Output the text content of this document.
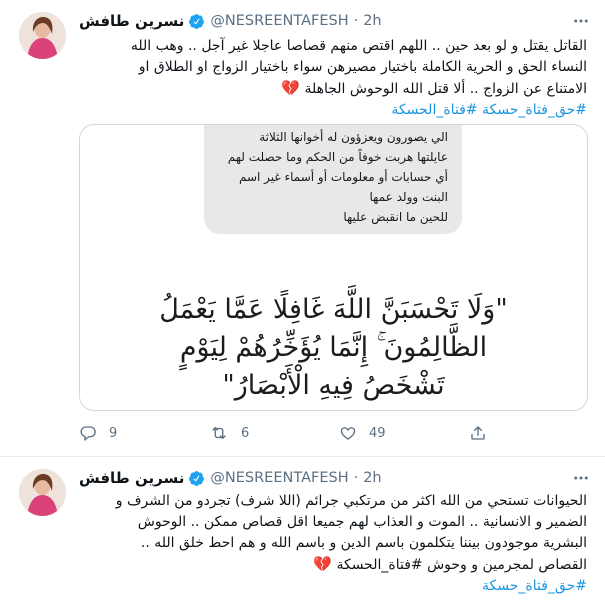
نسرين طافش @NESREENTAFESH · 2h
القاتل يقتل و لو بعد حين .. اللهم اقتص منهم قصاصا عاجلا غير آجل .. وهب الله
النساء الحق و الحرية الكاملة باختيار مصيرهن سواء باختيار الزواج او الطلاق او
الامتناع عن الزواج .. ألا قتل الله الوحوش الجاهلة 💔
#حق_فتاة_حسكة #فتاة_الحسكة
الي يصورون ويعزؤون له أخوانها الثلاثة
عايلتها هربت خوفاً من الحكم وما حصلت لهم
أي حسابات أو معلومات أو أسماء غير اسم
البنت وولد عمها
للحين ما انقبض عليها
"وَلَا تَحْسَبَنَّ اللَّهَ غَافِلًا عَمَّا يَعْمَلُ
الظَّالِمُونَ ۚ إِنَّمَا يُؤَخِّرُهُمْ لِيَوْمٍ
تَشْخَصُ فِيهِ الْأَبْصَارُ"
9	6	49
نسرين طافش @NESREENTAFESH · 2h
الحيوانات تستحي من الله اكثر من مرتكبي جرائم (اللا شرف) تجردو من الشرف و
الضمير و الانسانية .. الموت و العذاب لهم جميعا اقل قصاص ممكن .. الوحوش
البشرية موجودون بيننا يتكلمون باسم الدين و باسم الله و هم احط خلق الله ..
القصاص لمجرمين و وحوش #فتاة_الحسكة 💔
#حق_فتاة_حسكة
